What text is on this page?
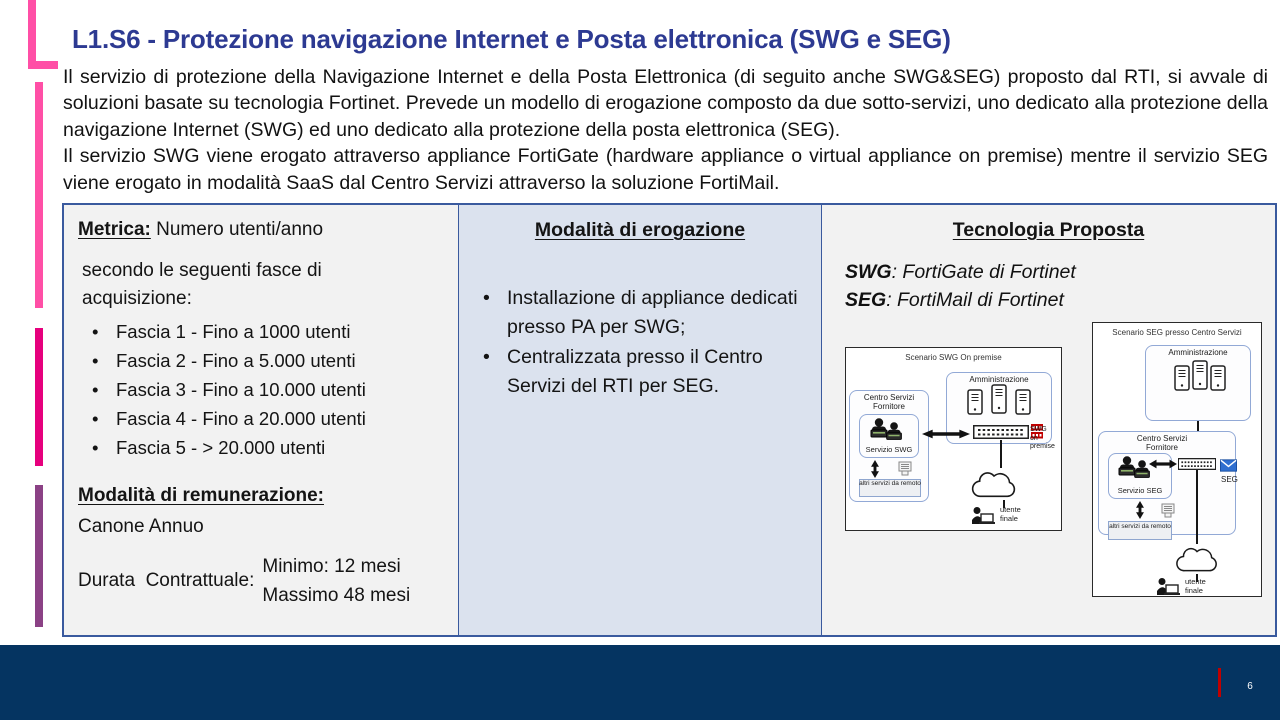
L1.S6 - Protezione navigazione Internet e Posta elettronica (SWG e SEG)

Il servizio di protezione della Navigazione Internet e della Posta Elettronica (di seguito anche SWG&SEG) proposto dal RTI, si avvale di soluzioni basate su tecnologia Fortinet. Prevede un modello di erogazione composto da due sotto-servizi, uno dedicato alla protezione della navigazione Internet (SWG) ed uno dedicato alla protezione della posta elettronica (SEG).

Il servizio SWG viene erogato attraverso appliance FortiGate (hardware appliance o virtual appliance on premise) mentre il servizio SEG viene erogato in modalità SaaS dal Centro Servizi attraverso la soluzione FortiMail.

Metrica: Numero utenti/anno
secondo le seguenti fasce di acquisizione:
• Fascia 1 - Fino a 1000 utenti
• Fascia 2 - Fino a 5.000 utenti
• Fascia 3 - Fino a 10.000 utenti
• Fascia 4 - Fino a 20.000 utenti
• Fascia 5 - > 20.000 utenti
Modalità di remunerazione:
Canone Annuo
Durata  Contrattuale:
Minimo: 12 mesi
Massimo 48 mesi
Modalità di erogazione
• Installazione di appliance dedicati presso PA per SWG;
• Centralizzata presso il Centro Servizi del RTI per SEG.
Tecnologia Proposta
SWG: FortiGate di Fortinet
SEG: FortiMail di Fortinet
Scenario SWG On premise
Centro Servizi Fornitore
Servizio SWG
altri servizi da remoto
Amministrazione
SWG
on premise
utente finale
Scenario SEG presso Centro Servizi
Amministrazione
Centro Servizi Fornitore
Servizio SEG
SEG
altri servizi da remoto
utente finale
6
